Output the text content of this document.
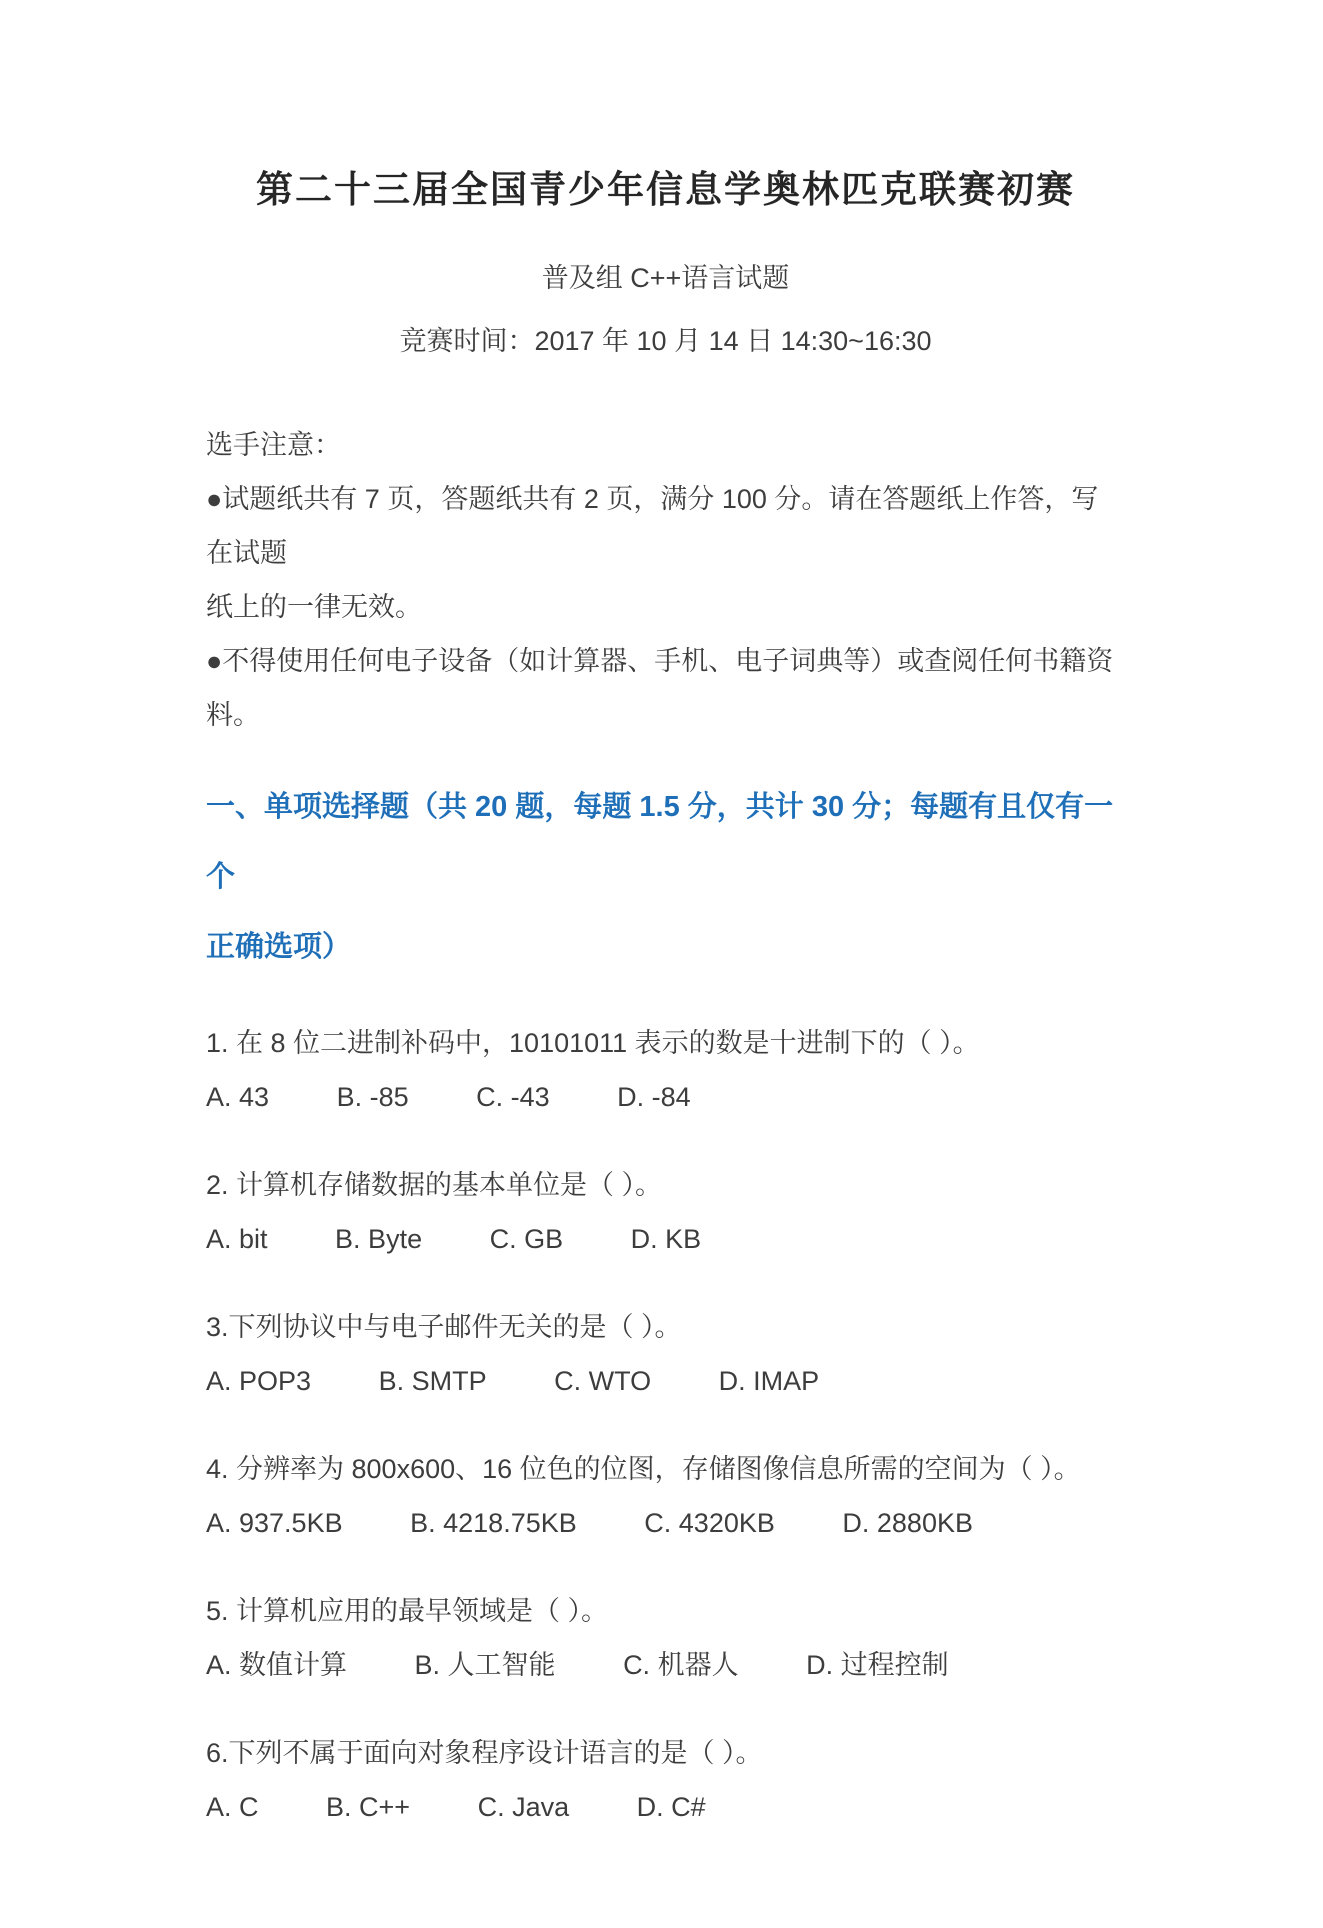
第二十三届全国青少年信息学奥林匹克联赛初赛
普及组 C++语言试题
竞赛时间：2017 年 10 月 14 日 14:30~16:30
选手注意：
●试题纸共有 7 页，答题纸共有 2 页，满分 100 分。请在答题纸上作答，写在试题
纸上的一律无效。
●不得使用任何电子设备（如计算器、手机、电子词典等）或查阅任何书籍资料。
一、单项选择题（共 20 题，每题 1.5 分，共计 30 分；每题有且仅有一个
正确选项）
1. 在 8 位二进制补码中，10101011 表示的数是十进制下的（ ）。
A. 43	B. -85	C. -43	D. -84
2. 计算机存储数据的基本单位是（ ）。
A. bit	B. Byte	C. GB	D. KB
3.下列协议中与电子邮件无关的是（ ）。
A. POP3	B. SMTP	C. WTO	D. IMAP
4. 分辨率为 800x600、16 位色的位图，存储图像信息所需的空间为（ ）。
A. 937.5KB	B. 4218.75KB	C. 4320KB	D. 2880KB
5. 计算机应用的最早领域是（ ）。
A. 数值计算	B. 人工智能	C. 机器人	D. 过程控制
6.下列不属于面向对象程序设计语言的是（ ）。
A. C	B. C++	C. Java	D. C#
